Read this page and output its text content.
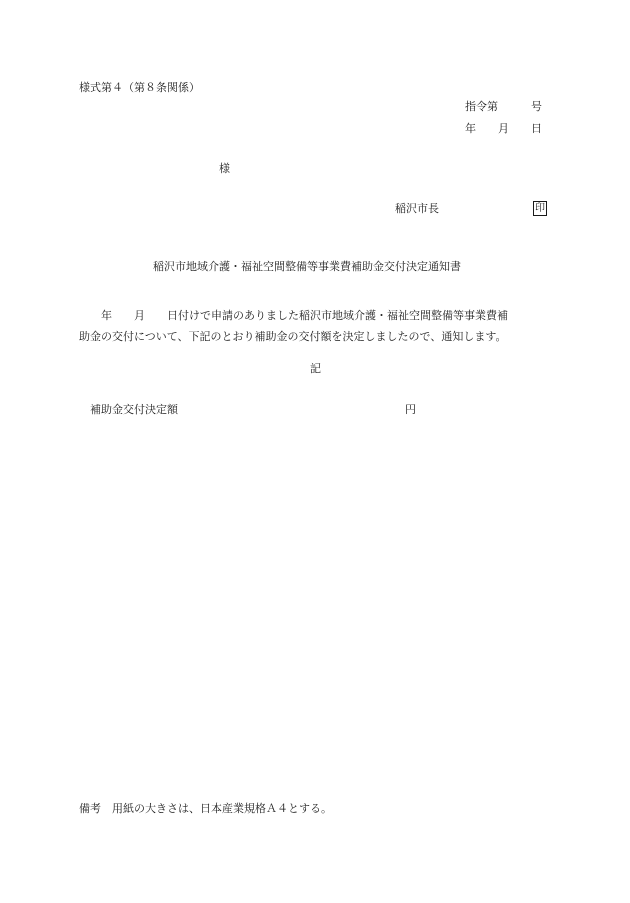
様式第４（第８条関係）
指令第　　　号
年　　月　　日
様
稲沢市長	印
稲沢市地域介護・福祉空間整備等事業費補助金交付決定通知書
　　年　　月　　日付けで申請のありました稲沢市地域介護・福祉空間整備等事業費補
助金の交付について、下記のとおり補助金の交付額を決定しましたので、通知します。
記
補助金交付決定額	円
備考　用紙の大きさは、日本産業規格Ａ４とする。
